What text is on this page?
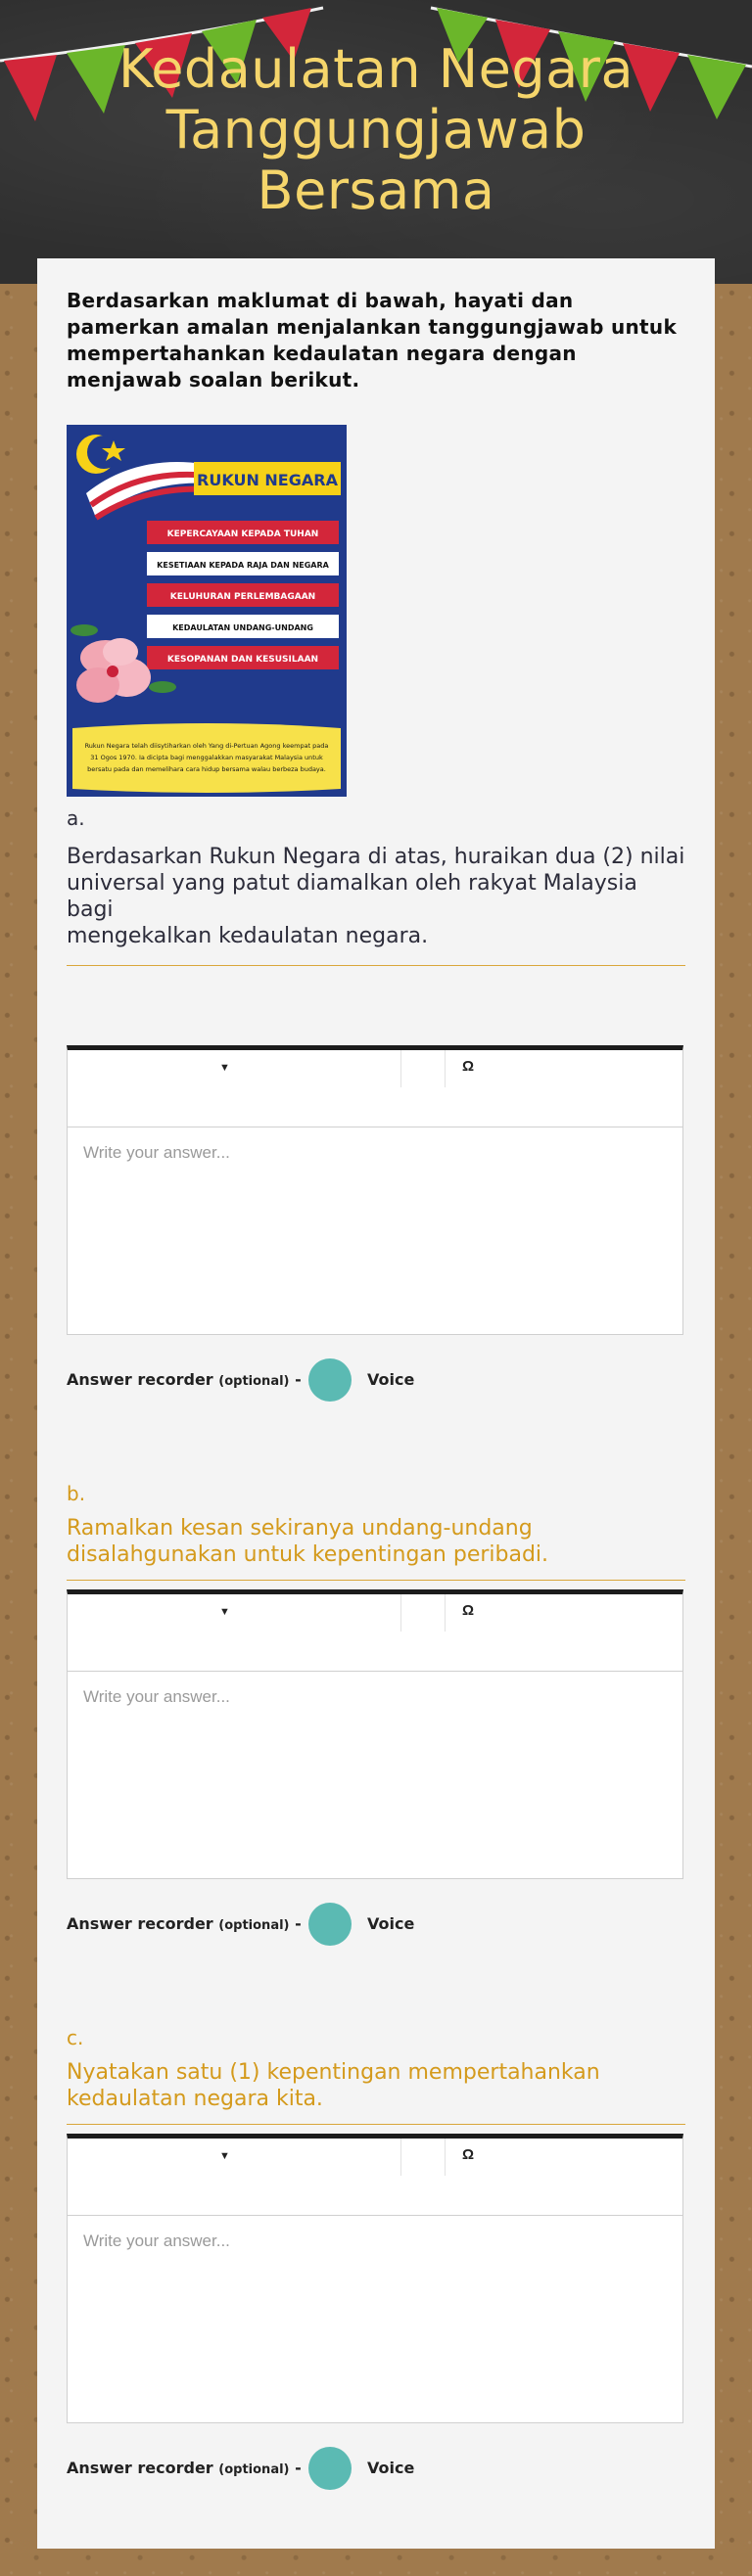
Kedaulatan Negara
Tanggungjawab
Bersama
Berdasarkan maklumat di bawah, hayati dan pamerkan amalan menjalankan tanggungjawab untuk mempertahankan kedaulatan negara dengan menjawab soalan berikut.
RUKUN NEGARA
KEPERCAYAAN KEPADA TUHAN
KESETIAAN KEPADA RAJA DAN NEGARA
KELUHURAN PERLEMBAGAAN
KEDAULATAN UNDANG-UNDANG
KESOPANAN DAN KESUSILAAN
Rukun Negara telah diisytiharkan oleh Yang di-Pertuan Agong keempat pada
31 Ogos 1970. Ia dicipta bagi menggalakkan masyarakat Malaysia untuk
bersatu pada dan memelihara cara hidup bersama walau berbeza budaya.
a.
Berdasarkan Rukun Negara di atas, huraikan dua (2) nilai
universal yang patut diamalkan oleh rakyat Malaysia bagi
mengekalkan kedaulatan negara.
▼	Ω
Write your answer...
Answer recorder (optional) -	Voice
b.
Ramalkan kesan sekiranya undang-undang
disalahgunakan untuk kepentingan peribadi.
▼	Ω
Write your answer...
Answer recorder (optional) -	Voice
c.
Nyatakan satu (1) kepentingan mempertahankan
kedaulatan negara kita.
▼	Ω
Write your answer...
Answer recorder (optional) -	Voice
